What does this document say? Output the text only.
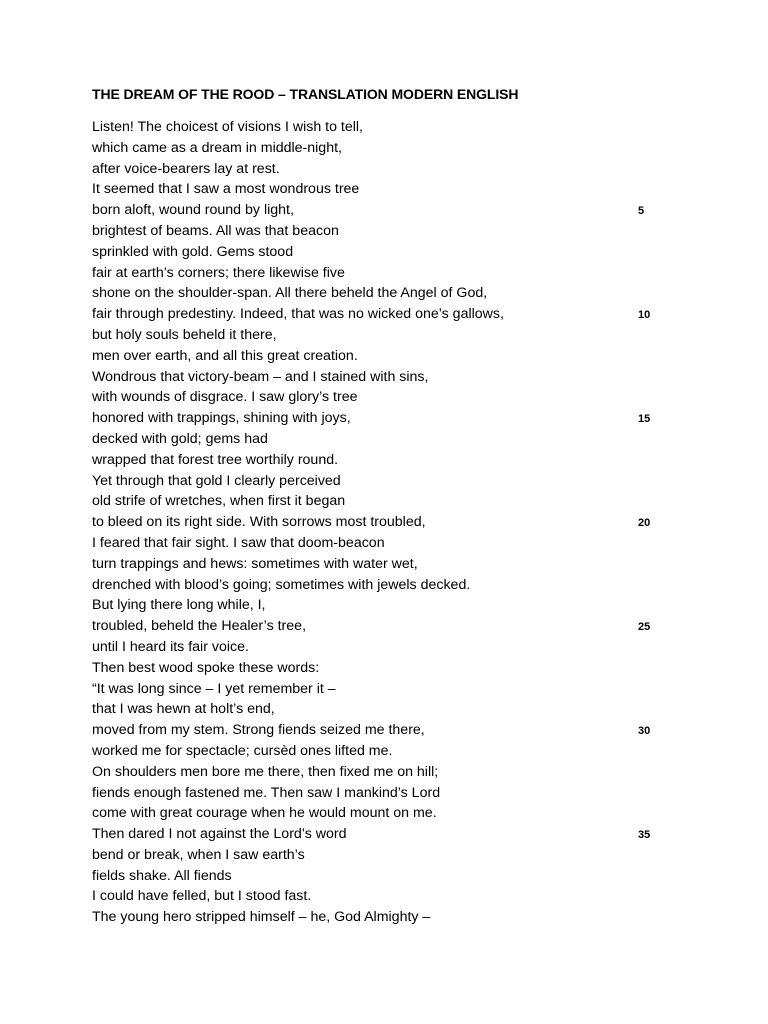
THE DREAM OF THE ROOD – TRANSLATION MODERN ENGLISH
Listen! The choicest of visions I wish to tell,
which came as a dream in middle-night,
after voice-bearers lay at rest.
It seemed that I saw a most wondrous tree
born aloft, wound round by light,	5
brightest of beams. All was that beacon
sprinkled with gold. Gems stood
fair at earth’s corners; there likewise five
shone on the shoulder-span. All there beheld the Angel of God,
fair through predestiny. Indeed, that was no wicked one’s gallows,	10
but holy souls beheld it there,
men over earth, and all this great creation.
Wondrous that victory-beam – and I stained with sins,
with wounds of disgrace. I saw glory’s tree
honored with trappings, shining with joys,	15
decked with gold; gems had
wrapped that forest tree worthily round.
Yet through that gold I clearly perceived
old strife of wretches, when first it began
to bleed on its right side. With sorrows most troubled,	20
I feared that fair sight. I saw that doom-beacon
turn trappings and hews: sometimes with water wet,
drenched with blood’s going; sometimes with jewels decked.
But lying there long while, I,
troubled, beheld the Healer’s tree,	25
until I heard its fair voice.
Then best wood spoke these words:
“It was long since – I yet remember it –
that I was hewn at holt’s end,
moved from my stem. Strong fiends seized me there,	30
worked me for spectacle; cursèd ones lifted me.
On shoulders men bore me there, then fixed me on hill;
fiends enough fastened me. Then saw I mankind’s Lord
come with great courage when he would mount on me.
Then dared I not against the Lord’s word	35
bend or break, when I saw earth’s
fields shake. All fiends
I could have felled, but I stood fast.
The young hero stripped himself – he, God Almighty –
